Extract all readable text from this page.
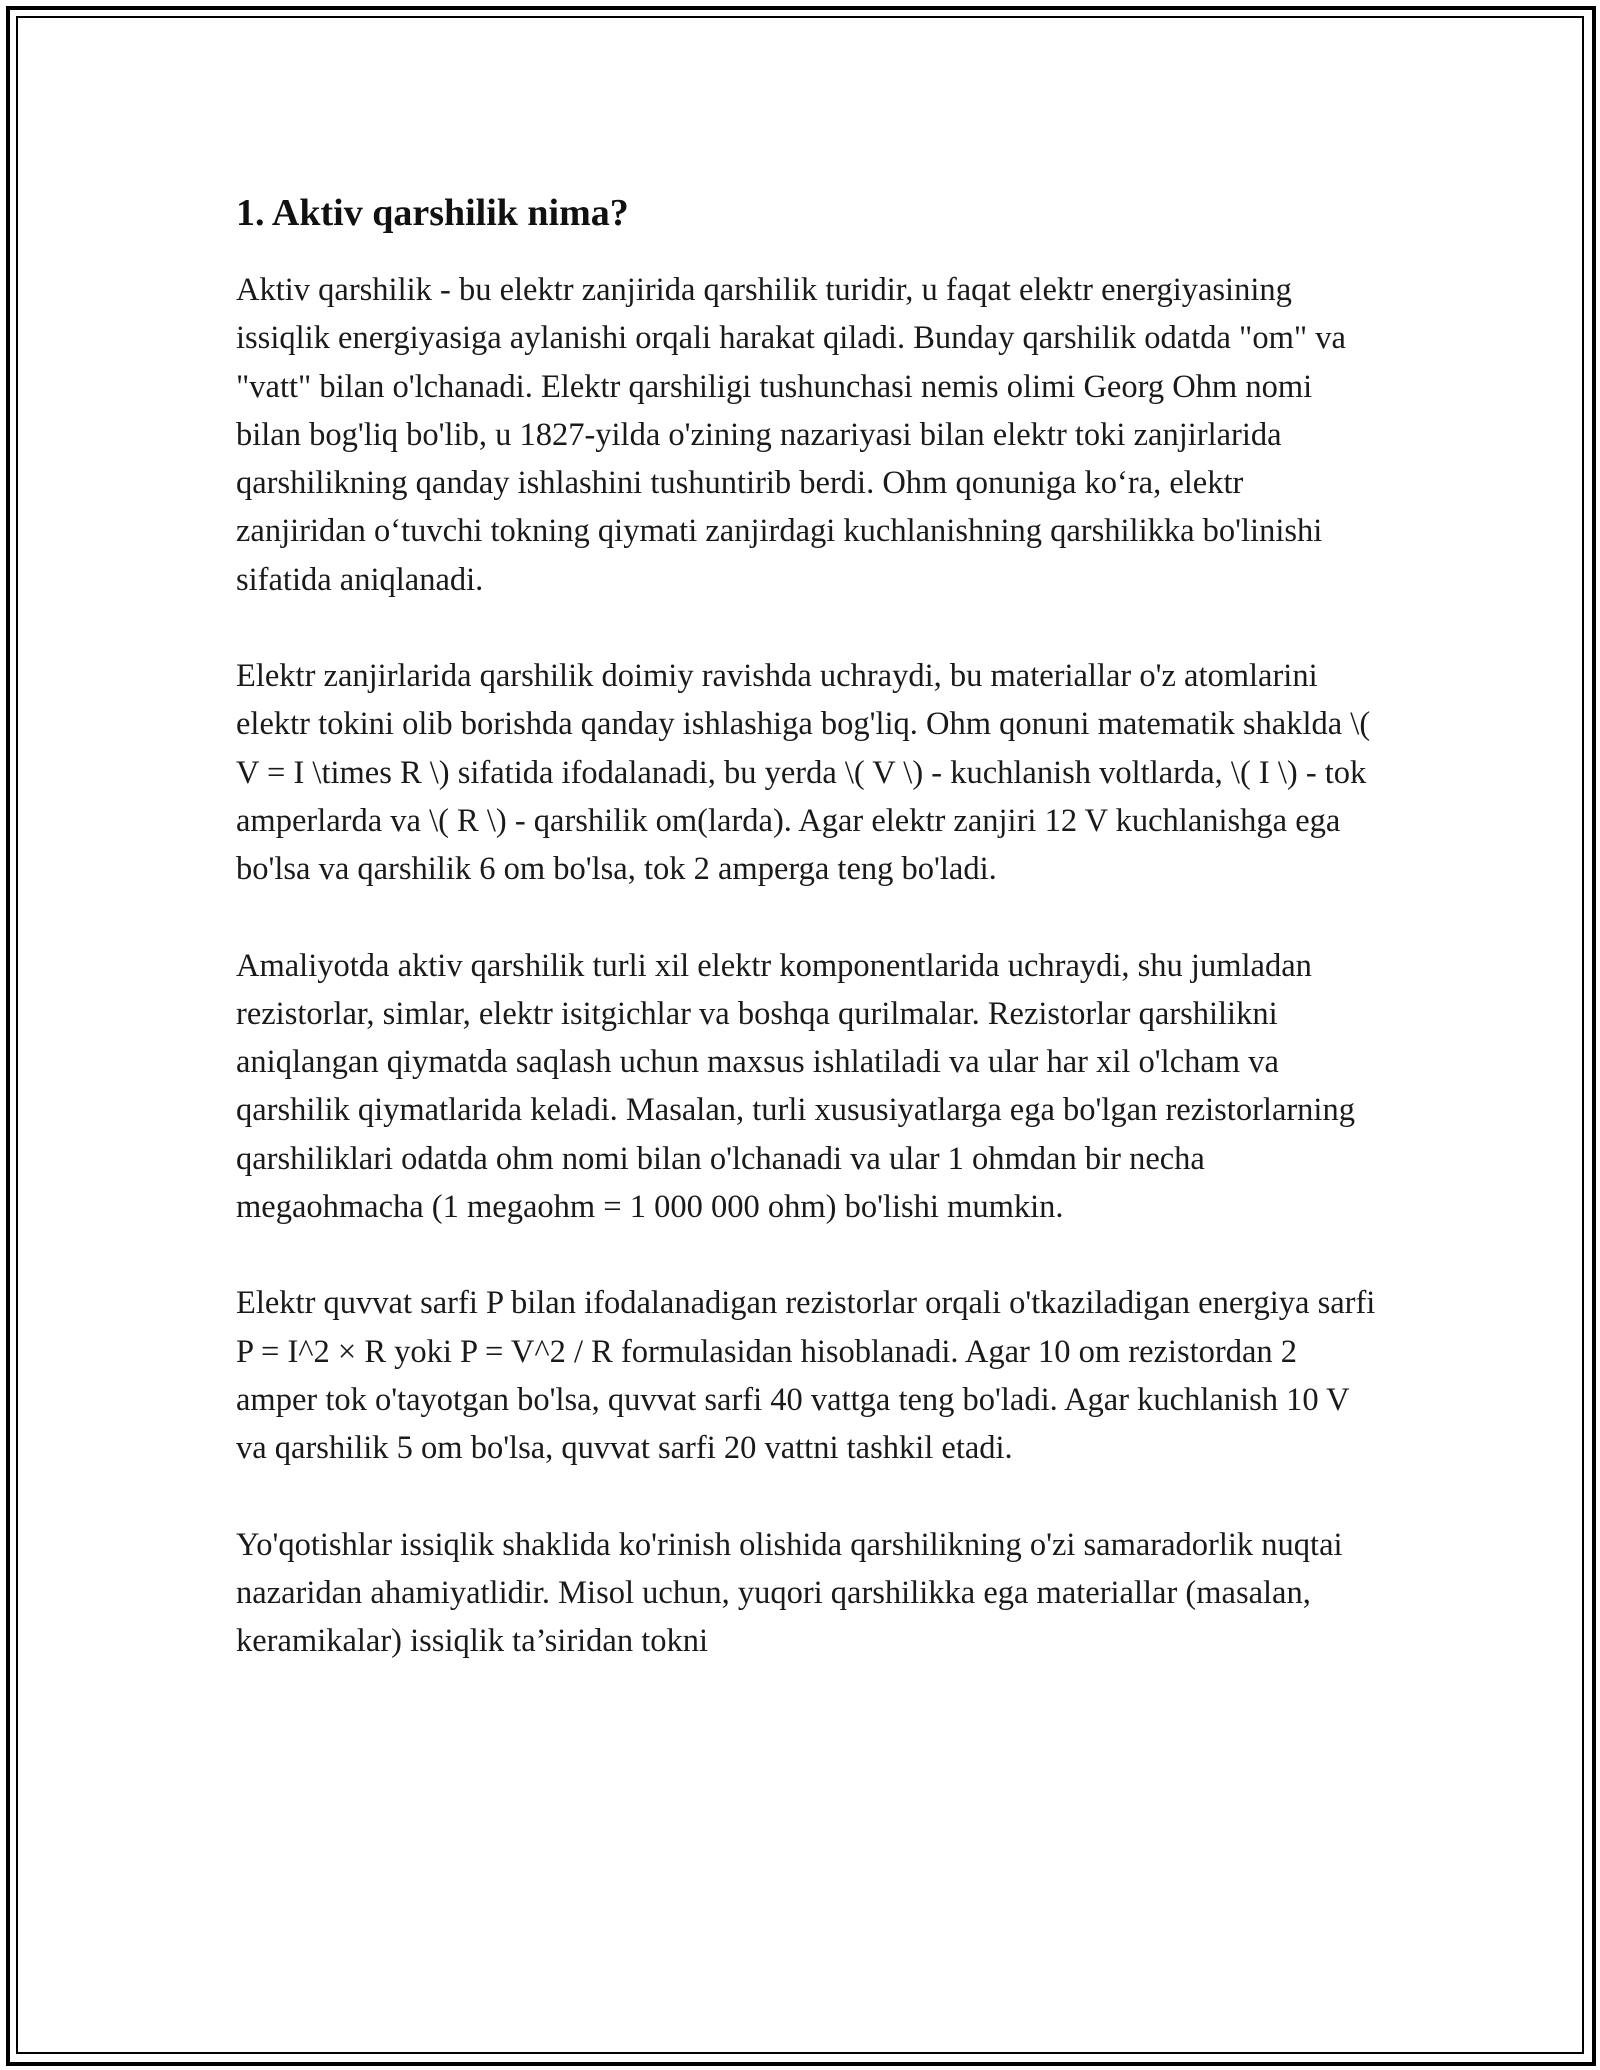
1. Aktiv qarshilik nima?

Aktiv qarshilik - bu elektr zanjirida qarshilik turidir, u faqat elektr energiyasining issiqlik energiyasiga aylanishi orqali harakat qiladi. Bunday qarshilik odatda "om" va "vatt" bilan o'lchanadi. Elektr qarshiligi tushunchasi nemis olimi Georg Ohm nomi bilan bog'liq bo'lib, u 1827-yilda o'zining nazariyasi bilan elektr toki zanjirlarida qarshilikning qanday ishlashini tushuntirib berdi. Ohm qonuniga ko‘ra, elektr zanjiridan o‘tuvchi tokning qiymati zanjirdagi kuchlanishning qarshilikka bo'linishi sifatida aniqlanadi.

Elektr zanjirlarida qarshilik doimiy ravishda uchraydi, bu materiallar o'z atomlarini elektr tokini olib borishda qanday ishlashiga bog'liq. Ohm qonuni matematik shaklda \( V = I \times R \) sifatida ifodalanadi, bu yerda \( V \) - kuchlanish voltlarda, \( I \) - tok amperlarda va \( R \) - qarshilik om(larda). Agar elektr zanjiri 12 V kuchlanishga ega bo'lsa va qarshilik 6 om bo'lsa, tok 2 amperga teng bo'ladi.

Amaliyotda aktiv qarshilik turli xil elektr komponentlarida uchraydi, shu jumladan rezistorlar, simlar, elektr isitgichlar va boshqa qurilmalar. Rezistorlar qarshilikni aniqlangan qiymatda saqlash uchun maxsus ishlatiladi va ular har xil o'lcham va qarshilik qiymatlarida keladi. Masalan, turli xususiyatlarga ega bo'lgan rezistorlarning qarshiliklari odatda ohm nomi bilan o'lchanadi va ular 1 ohmdan bir necha megaohmacha (1 megaohm = 1 000 000 ohm) bo'lishi mumkin.

Elektr quvvat sarfi P bilan ifodalanadigan rezistorlar orqali o'tkaziladigan energiya sarfi P = I^2 × R yoki P = V^2 / R formulasidan hisoblanadi. Agar 10 om rezistordan 2 amper tok o'tayotgan bo'lsa, quvvat sarfi 40 vattga teng bo'ladi. Agar kuchlanish 10 V va qarshilik 5 om bo'lsa, quvvat sarfi 20 vattni tashkil etadi.

Yo'qotishlar issiqlik shaklida ko'rinish olishida qarshilikning o'zi samaradorlik nuqtai nazaridan ahamiyatlidir. Misol uchun, yuqori qarshilikka ega materiallar (masalan, keramikalar) issiqlik ta’siridan tokni
